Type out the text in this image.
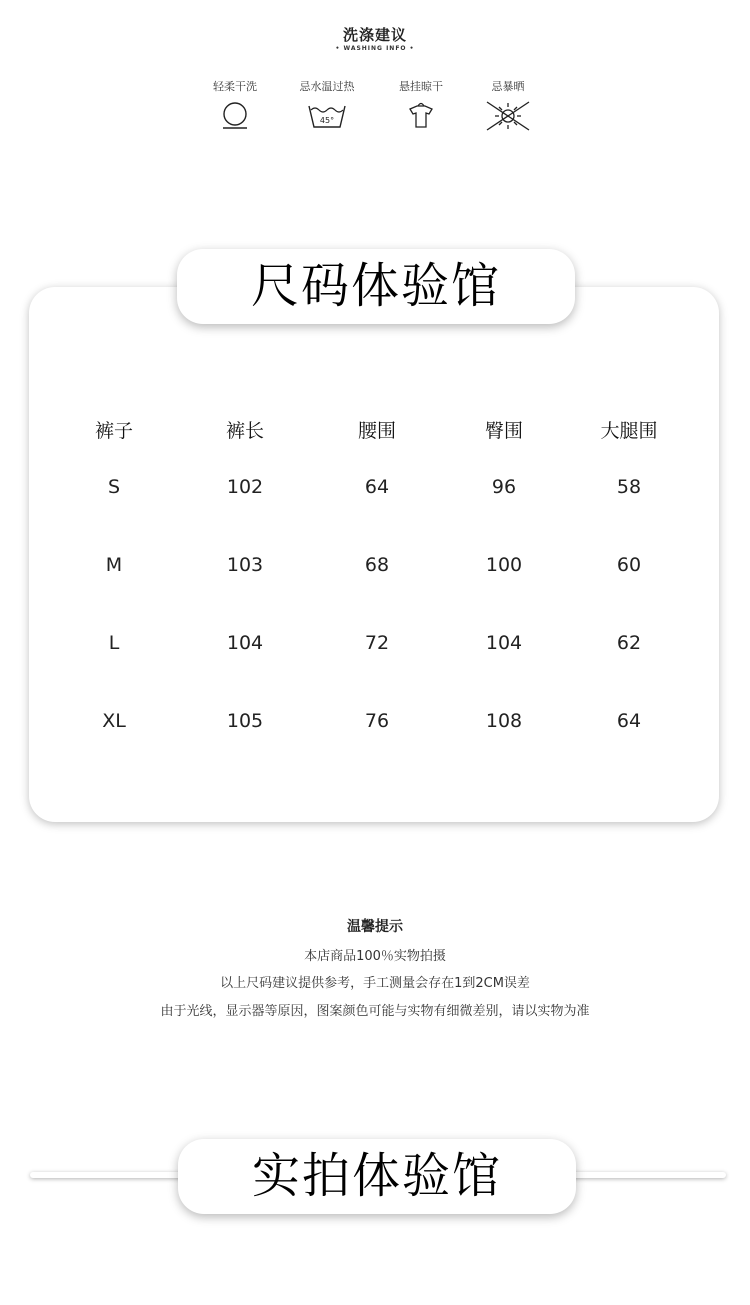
洗涤建议
• WASHING INFO •
轻柔干洗	忌水温过热
45°
悬挂晾干	忌暴晒
裤子	裤长	腰围	臀围	大腿围
S	102	64	96	58
M	103	68	100	60
L	104	72	104	62
XL	105	76	108	64
尺码体验馆
温馨提示
本店商品100％实物拍摄
以上尺码建议提供参考，手工测量会存在1到2CM误差
由于光线，显示器等原因，图案颜色可能与实物有细微差别，请以实物为准
实拍体验馆
